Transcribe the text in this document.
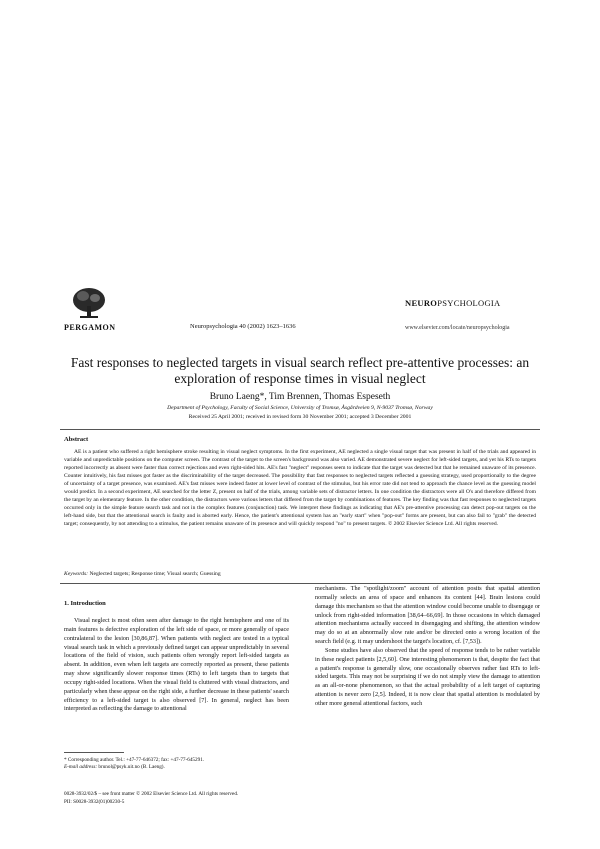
PERGAMON	Neuropsychologia 40 (2002) 1623–1636
NEUROPSYCHOLOGIA
www.elsevier.com/locate/neuropsychologia
Fast responses to neglected targets in visual search reflect pre-attentive processes: an exploration of response times in visual neglect
Bruno Laeng*, Tim Brennen, Thomas Espeseth
Department of Psychology, Faculty of Social Science, University of Tromsø, Åsgårdveien 9, N-9037 Tromsø, Norway
Received 25 April 2001; received in revised form 30 November 2001; accepted 3 December 2001
Abstract
AE is a patient who suffered a right hemisphere stroke resulting in visual neglect symptoms. In the first experiment, AE neglected a single visual target that was present in half of the trials and appeared in variable and unpredictable positions on the computer screen. The contrast of the target to the screen's background was also varied. AE demonstrated severe neglect for left-sided targets, and yet his RTs to targets reported incorrectly as absent were faster than correct rejections and even right-sided hits. AE's fast "neglect" responses seem to indicate that the target was detected but that he remained unaware of its presence. Counter intuitively, his fast misses got faster as the discriminability of the target decreased. The possibility that fast responses to neglected targets reflected a guessing strategy, used proportionally to the degree of uncertainty of a target presence, was examined. AE's fast misses were indeed faster at lower level of contrast of the stimulus, but his error rate did not tend to approach the chance level as the guessing model would predict. In a second experiment, AE searched for the letter Z, present on half of the trials, among variable sets of distractor letters. In one condition the distractors were all O's and therefore differed from the target by an elementary feature. In the other condition, the distractors were various letters that differed from the target by combinations of features. The key finding was that fast responses to neglected targets occurred only in the simple feature search task and not in the complex features (conjunction) task. We interpret these findings as indicating that AE's pre-attentive processing can detect pop-out targets on the left-hand side, but that the attentional search is faulty and is aborted early. Hence, the patient's attentional system has an "early start" when "pop-out" forms are present, but can also fail to "grab" the detected target; consequently, by not attending to a stimulus, the patient remains unaware of its presence and will quickly respond "no" to present targets. © 2002 Elsevier Science Ltd. All rights reserved.
Keywords: Neglected targets; Response time; Visual search; Guessing
1. Introduction

Visual neglect is most often seen after damage to the right hemisphere and one of its main features is defective exploration of the left side of space, or more generally of space contralateral to the lesion [30,86,87]. When patients with neglect are tested in a typical visual search task in which a previously defined target can appear unpredictably in several locations of the field of vision, such patients often wrongly report left-sided targets as absent. In addition, even when left targets are correctly reported as present, these patients may show significantly slower response times (RTs) to left targets than to targets that occupy right-sided locations. When the visual field is cluttered with visual distractors, and particularly when these appear on the right side, a further decrease in these patients' search efficiency to a left-sided target is also observed [7]. In general, neglect has been interpreted as reflecting the damage to attentional

mechanisms. The "spotlight/zoom" account of attention posits that spatial attention normally selects an area of space and enhances its content [44]. Brain lesions could damage this mechanism so that the attention window could become unable to disengage or unlock from right-sided information [38,64–66,69]. In those occasions in which damaged attention mechanisms actually succeed in disengaging and shifting, the attention window may do so at an abnormally slow rate and/or be directed onto a wrong location of the search field (e.g. it may undershoot the target's location, cf. [7,53]).

Some studies have also observed that the speed of response tends to be rather variable in these neglect patients [2,5,60]. One interesting phenomenon is that, despite the fact that a patient's response is generally slow, one occasionally observes rather fast RTs to left-sided targets. This may not be surprising if we do not simply view the damage to attention as an all-or-none phenomenon, so that the actual probability of a left target of capturing attention is never zero [2,5]. Indeed, it is now clear that spatial attention is modulated by other more general attentional factors, such

* Corresponding author. Tel.: +47-77-646372; fax: +47-77-645291.
E-mail address: brunol@psyk.uit.no (B. Laeng).
0028-3932/02/$ – see front matter © 2002 Elsevier Science Ltd. All rights reserved.
PII: S0028-3932(01)00230-5
